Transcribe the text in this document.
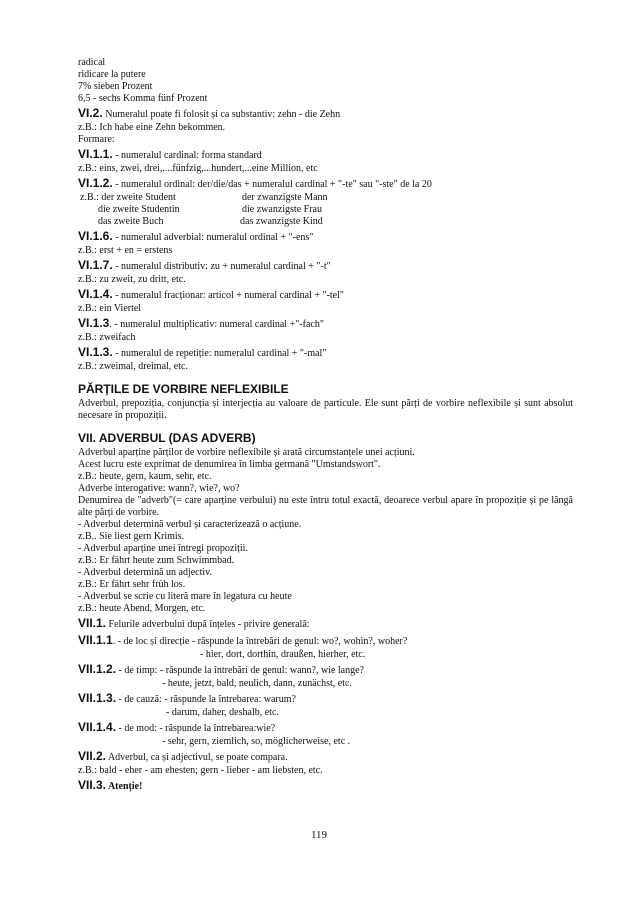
radical
ridicare la putere
7% sieben Prozent
6,5 - sechs Komma fünf Prozent
VI.2. Numeralul poate fi folosit și ca substantiv: zehn - die Zehn
z.B.: Ich habe eine Zehn bekommen.
Formare:
VI.1.1. - numeralul cardinal: forma standard
z.B.: eins, zwei, drei,....fünfzig,...hundert,...eine Million, etc
VI.1.2. - numeralul ordinal: der/die/das + numeralul cardinal + "-te" sau "-ste" de la 20
z.B.: der zweite Student	der zwanzigste Mann
die zweite Studentin	die zwanzigste Frau
das zweite Buch	das zwanzigste Kind
VI.1.6. - numeralul adverbial: numeralul ordinal + "-ens"
z.B.: erst + en = erstens
VI.1.7. - numeralul distributiv: zu + numeralul cardinal + "-t"
z.B.: zu zweit, zu dritt, etc.
VI.1.4. - numeralul fracționar: articol + numeral cardinal + "-tel"
z.B.: ein Viertel
VI.1.3. - numeralul multiplicativ: numeral cardinal +"-fach"
z.B.: zweifach
VI.1.3. - numeralul de repetiție: numeralul cardinal + "-mal"
z.B.: zweimal, dreimal, etc.
PĂRȚILE DE VORBIRE NEFLEXIBILE
Adverbul, prepoziția, conjuncția și interjecția au valoare de particule. Ele sunt părți de vorbire neflexibile și sunt absolut necesare în propoziții.
VII. ADVERBUL (DAS ADVERB)
Adverbul aparține părților de vorbire neflexibile și arată circumstanțele unei acțiuni.
Acest lucru este exprimat de denumirea în limba germană "Umstandswort".
z.B.: heute, gern, kaum, sehr, etc.
Adverbe interogative: wann?, wie?, wo?
Denumirea de "adverb"(= care aparține verbului) nu este întru totul exactă, deoarece verbul apare în propoziție și pe lângă alte părți de vorbire.
- Adverbul determină verbul și caracterizează o acțiune.
z.B.. Sie liest gern Krimis.
- Adverbul aparține unei întregi propoziții.
z.B.: Er fährt heute zum Schwimmbad.
- Adverbul determină un adjectiv.
z.B.: Er fährt sehr früh los.
- Adverbul se scrie cu literă mare în legatura cu heute
z.B.: heute Abend, Morgen, etc.
VII.1. Felurile adverbului după înțeles - privire generală:
VII.1.1. - de loc și direcție - răspunde la întrebări de genul: wo?, wohin?, woher?
- hier, dort, dorthin, draußen, hierher, etc.
VII.1.2. - de timp: - răspunde la întrebări de genul: wann?, wie lange?
- heute, jetzt, bald, neulich, dann, zunächst, etc.
VII.1.3. - de cauză: - răspunde la întrebarea: warum?
- darum, daher, deshalb, etc.
VII.1.4. - de mod: - răspunde la întrebarea:wie?
- sehr, gern, ziemlich, so, möglicherweise, etc .
VII.2. Adverbul, ca și adjectivul, se poate compara.
z.B.: bald - eher - am ehesten; gern - lieber - am liebsten, etc.
VII.3. Atenție!
119
